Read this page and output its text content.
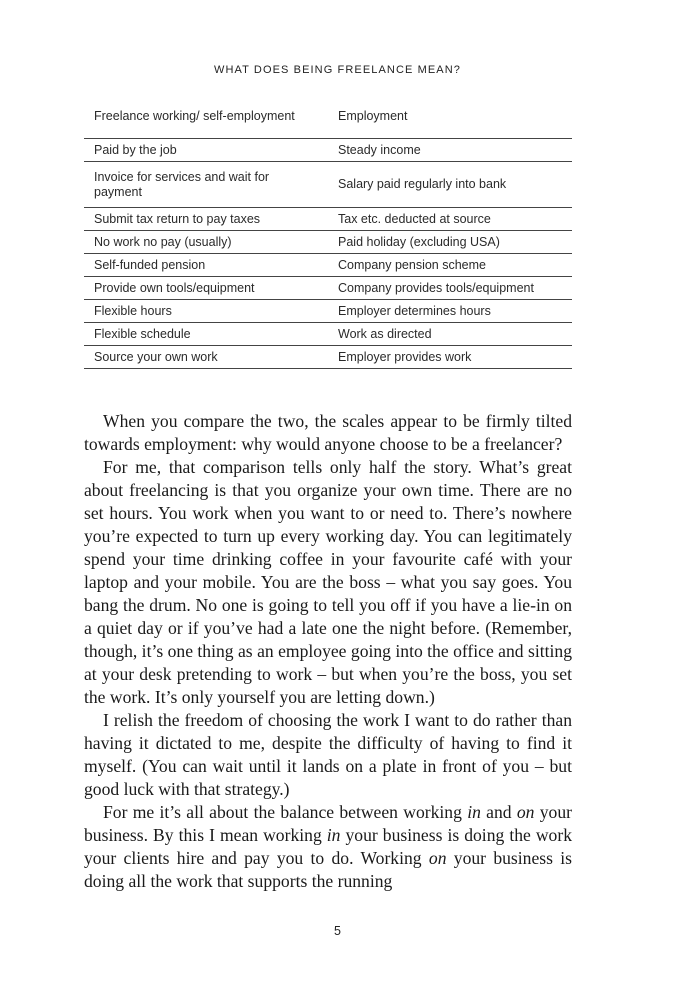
WHAT DOES BEING FREELANCE MEAN?
Freelance working/ self-employment	Employment
Paid by the job	Steady income
Invoice for services and wait for payment	Salary paid regularly into bank
Submit tax return to pay taxes	Tax etc. deducted at source
No work no pay (usually)	Paid holiday (excluding USA)
Self-funded pension	Company pension scheme
Provide own tools/equipment	Company provides tools/equipment
Flexible hours	Employer determines hours
Flexible schedule	Work as directed
Source your own work	Employer provides work

When you compare the two, the scales appear to be firmly tilted towards employment: why would anyone choose to be a freelancer?

For me, that comparison tells only half the story. What’s great about freelancing is that you organize your own time. There are no set hours. You work when you want to or need to. There’s nowhere you’re expected to turn up every working day. You can legitimately spend your time drinking coffee in your favourite café with your laptop and your mobile. You are the boss – what you say goes. You bang the drum. No one is going to tell you off if you have a lie-in on a quiet day or if you’ve had a late one the night before. (Remember, though, it’s one thing as an employee going into the office and sitting at your desk pretending to work – but when you’re the boss, you set the work. It’s only yourself you are letting down.)

I relish the freedom of choosing the work I want to do rather than having it dictated to me, despite the difficulty of having to find it myself. (You can wait until it lands on a plate in front of you – but good luck with that strategy.)

For me it’s all about the balance between working in and on your business. By this I mean working in your business is doing the work your clients hire and pay you to do. Working on your business is doing all the work that supports the running

5
